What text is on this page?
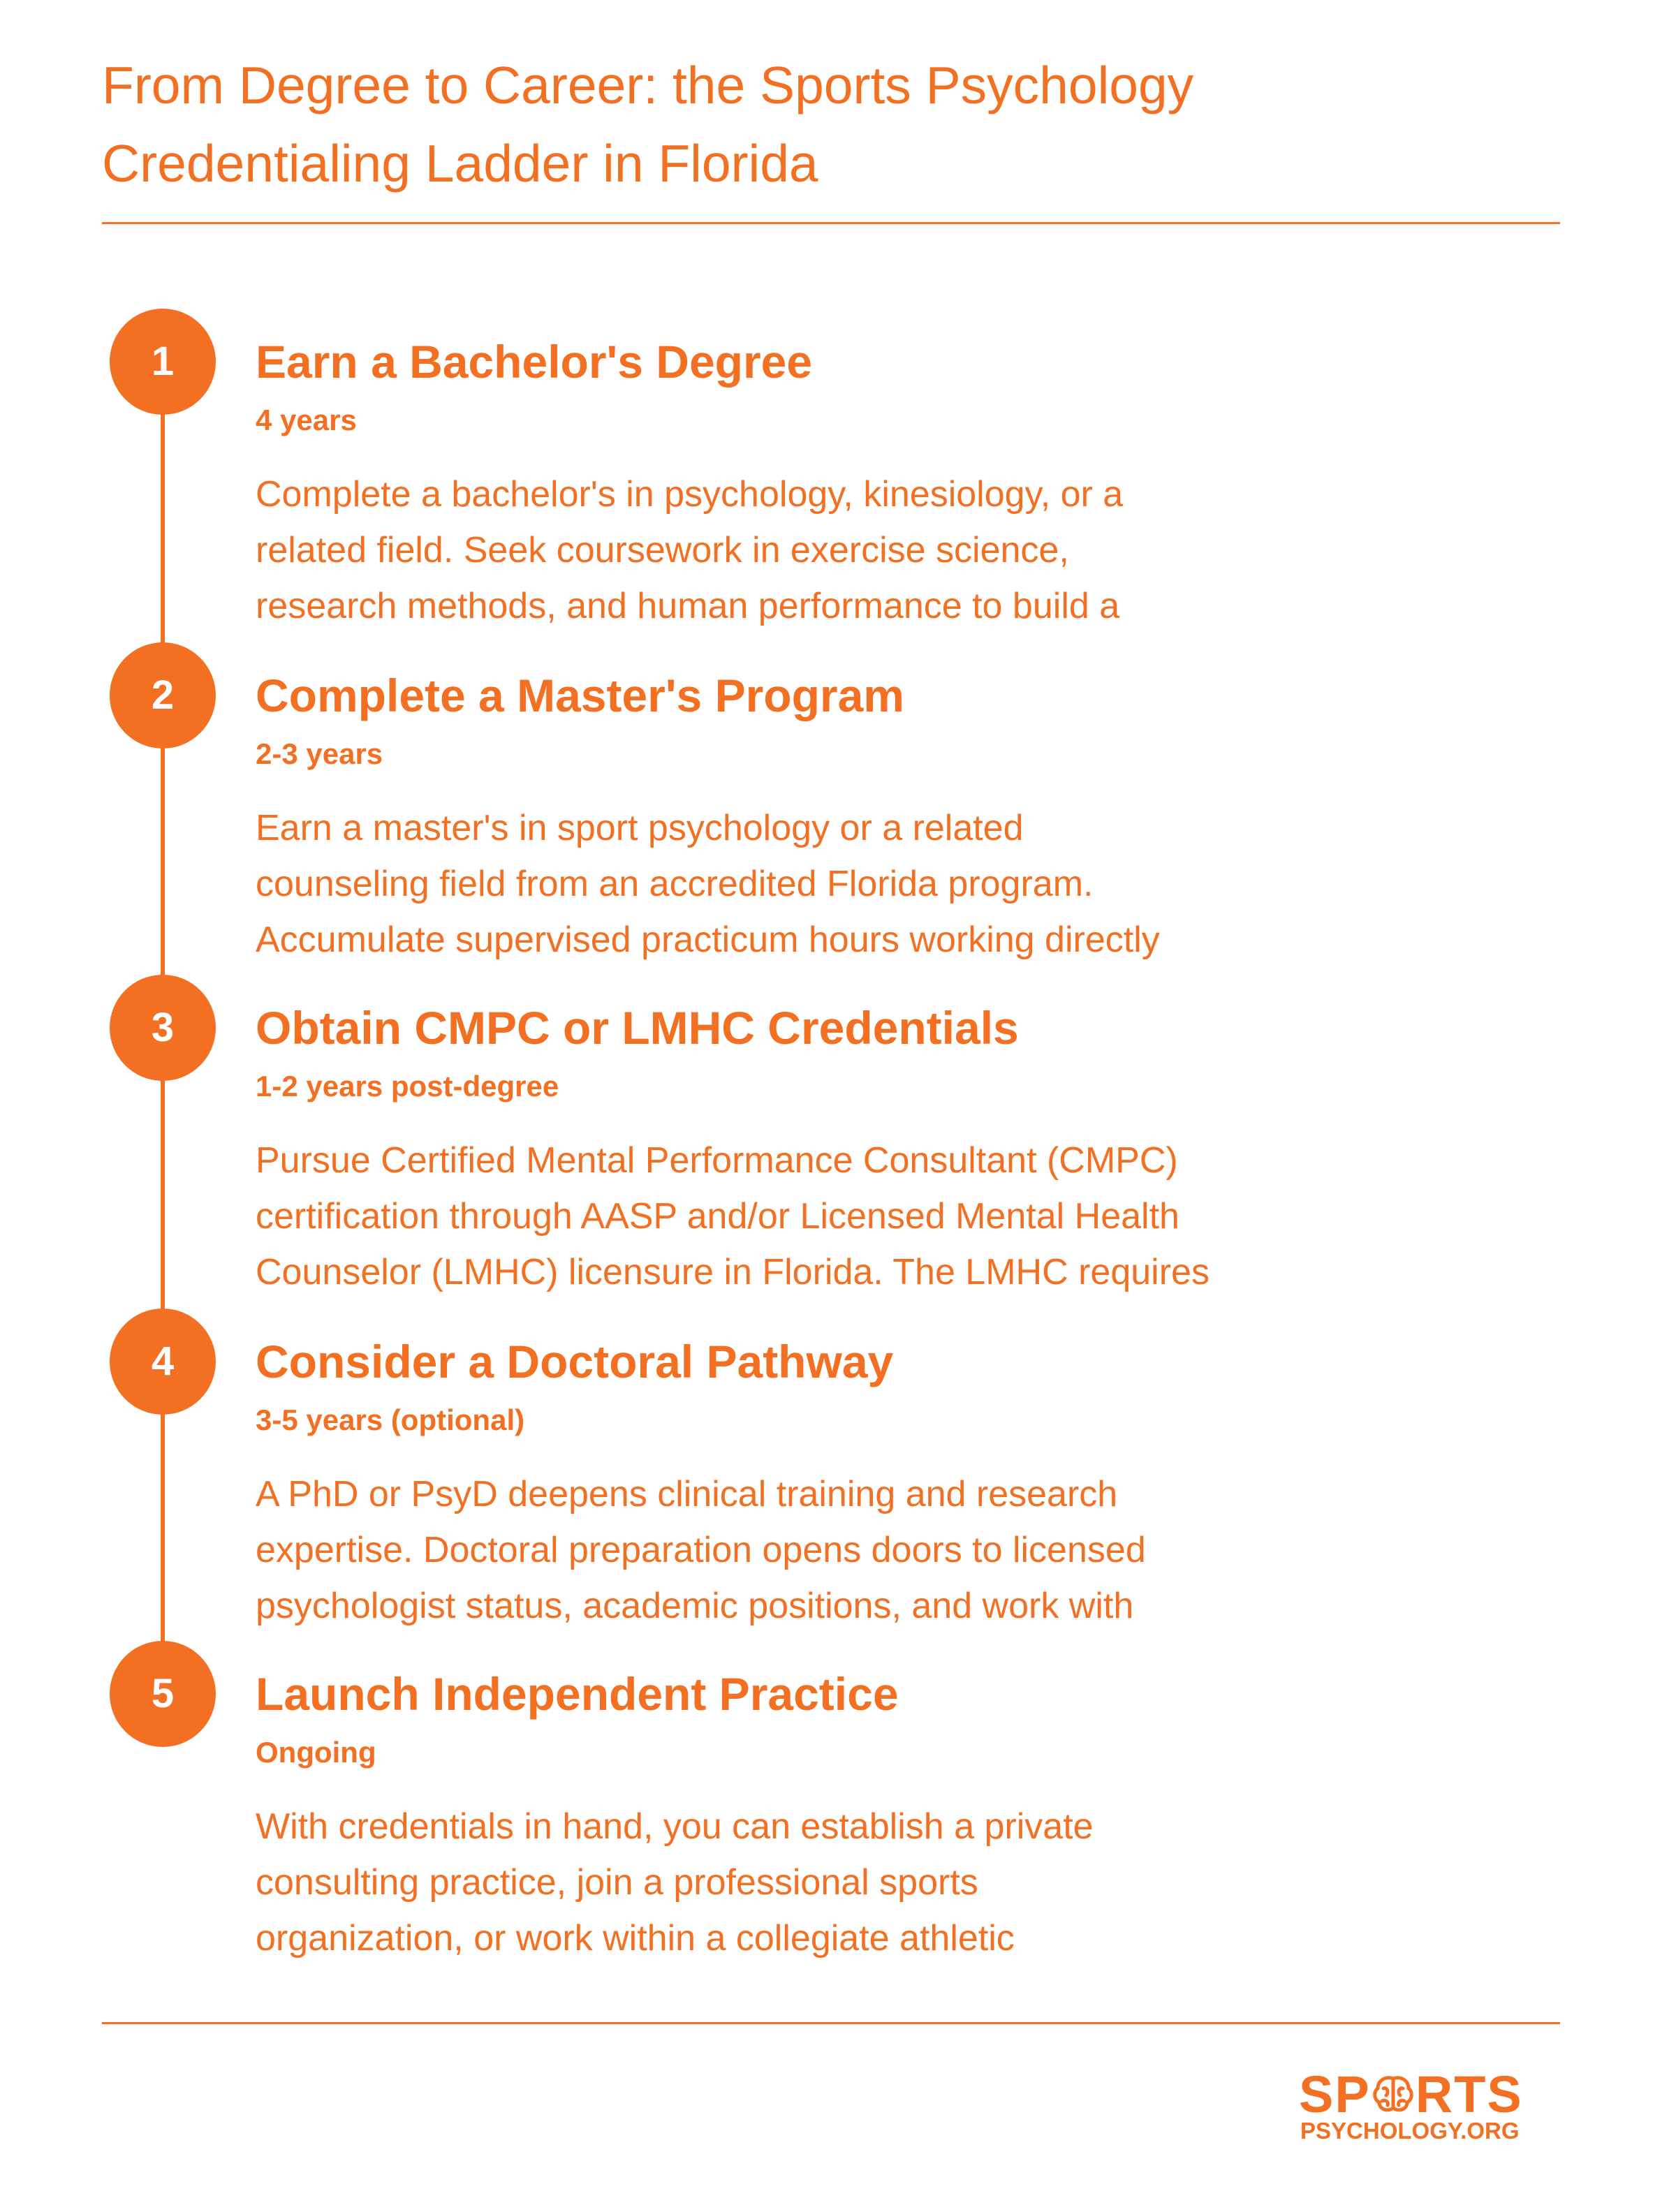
From Degree to Career: the Sports Psychology
Credentialing Ladder in Florida
1	Earn a Bachelor's Degree
4 years
Complete a bachelor's in psychology, kinesiology, or a
related field. Seek coursework in exercise science,
research methods, and human performance to build a
2	Complete a Master's Program
2-3 years
Earn a master's in sport psychology or a related
counseling field from an accredited Florida program.
Accumulate supervised practicum hours working directly
3	Obtain CMPC or LMHC Credentials
1-2 years post-degree
Pursue Certified Mental Performance Consultant (CMPC)
certification through AASP and/or Licensed Mental Health
Counselor (LMHC) licensure in Florida. The LMHC requires
4	Consider a Doctoral Pathway
3-5 years (optional)
A PhD or PsyD deepens clinical training and research
expertise. Doctoral preparation opens doors to licensed
psychologist status, academic positions, and work with
5	Launch Independent Practice
Ongoing
With credentials in hand, you can establish a private
consulting practice, join a professional sports
organization, or work within a collegiate athletic
SP RTS
PSYCHOLOGY.ORG
